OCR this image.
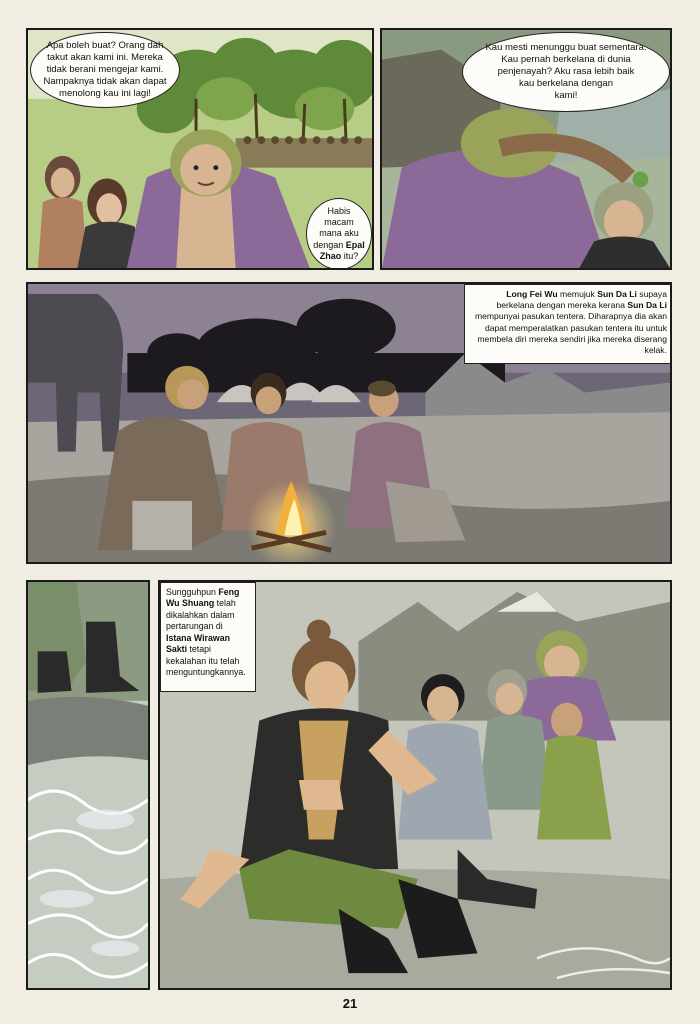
Apa boleh buat? Orang dah
takut akan kami ini. Mereka
tidak berani mengejar kami.
Nampaknya tidak akan dapat
menolong kau ini lagi!
Habis
macam
mana aku
dengan Epal
Zhao itu?
Kau mesti menunggu buat sementara.
Kau pernah berkelana di dunia
penjenayah? Aku rasa lebih baik
kau berkelana dengan
kami!
Long Fei Wu memujuk Sun Da Li supaya berkelana dengan mereka kerana Sun Da Li mempunyai pasukan tentera. Diharapnya dia akan dapat memperalatkan pasukan tentera itu untuk membela diri mereka sendiri jika mereka diserang kelak.
Sungguhpun Feng Wu Shuang telah dikalahkan dalam pertarungan di Istana Wirawan Sakti tetapi kekalahan itu telah menguntungkannya.
21
